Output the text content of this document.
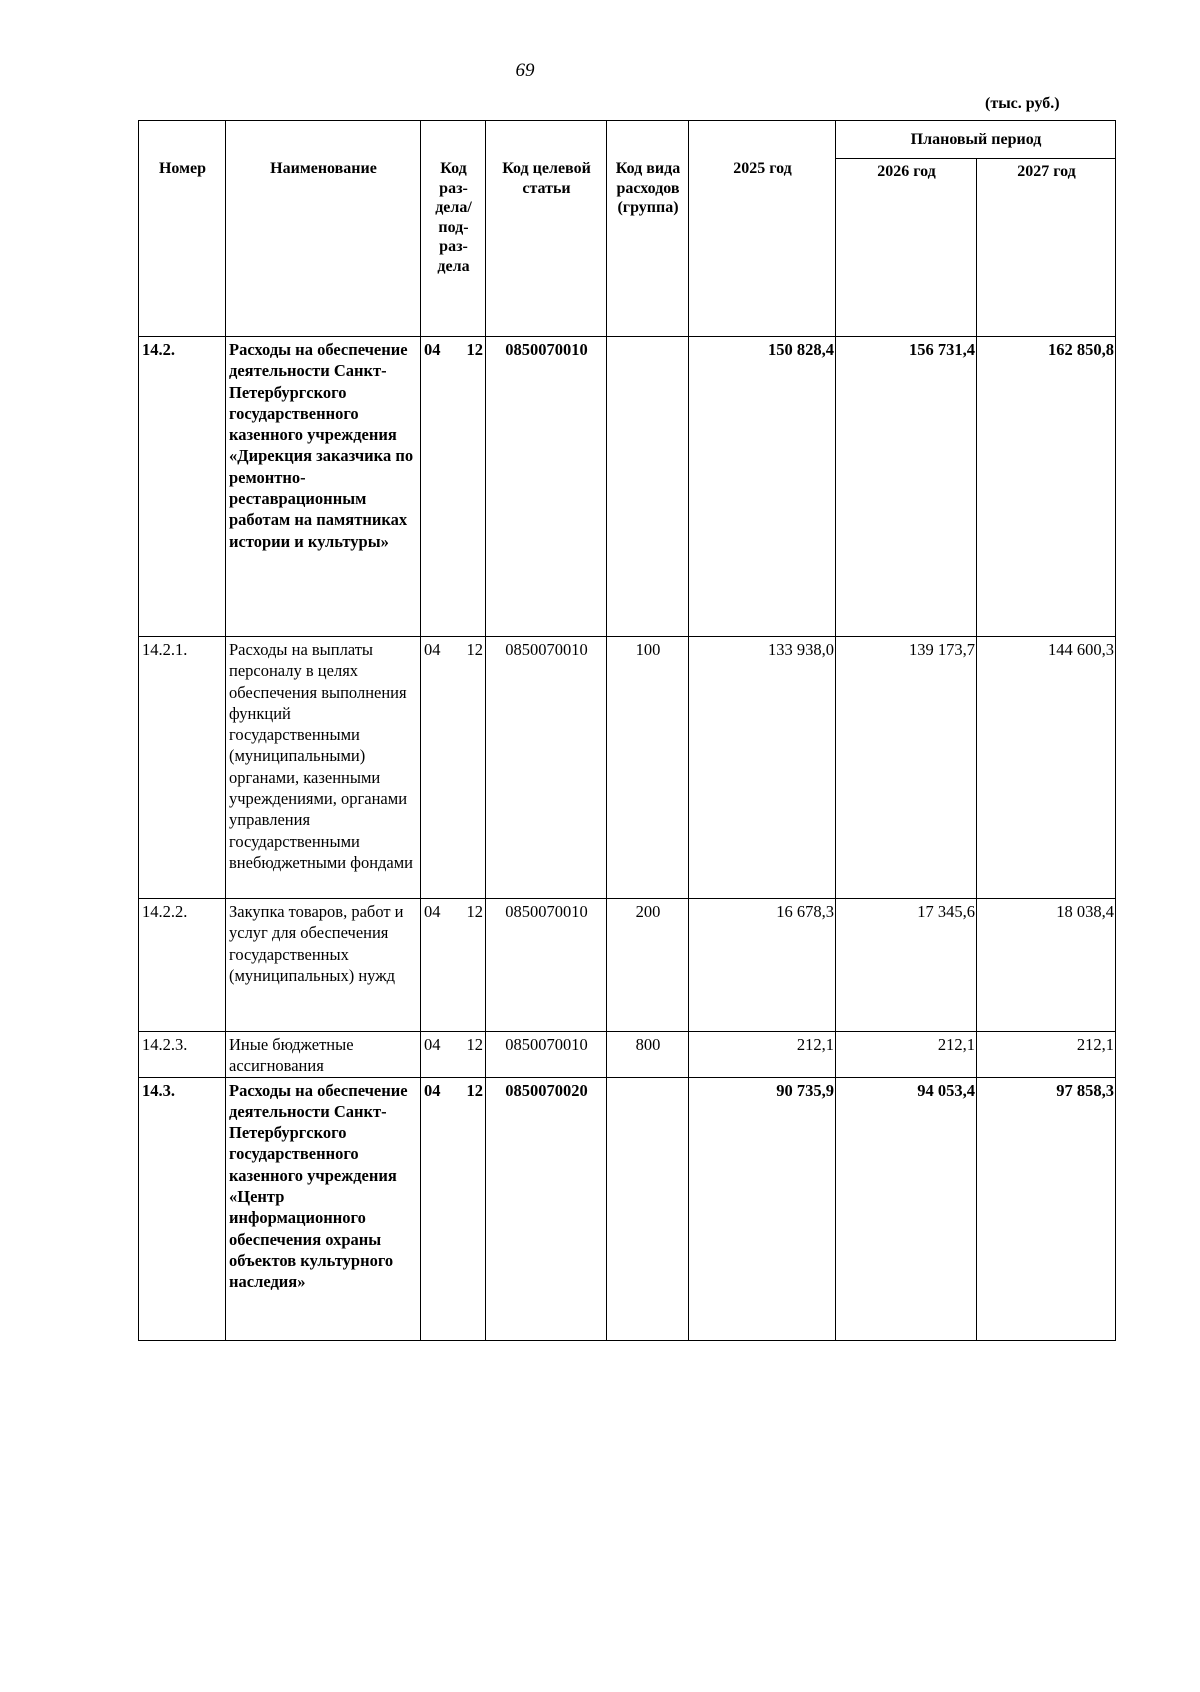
69
(тыс. руб.)
Номер	Наименование	Код раз- дела/ под- раз- дела	Код целевой статьи	Код вида расходов (группа)	2025 год	Плановый период	
						2026 год	2027 год
14.2.	Расходы на обеспечение деятельности Санкт-Петербургского государственного казенного учреждения «Дирекция заказчика по ремонтно-реставрационным работам на памятниках истории и культуры»	04 12	0850070010		150 828,4	156 731,4	162 850,8
14.2.1.	Расходы на выплаты персоналу в целях обеспечения выполнения функций государственными (муниципальными) органами, казенными учреждениями, органами управления государственными внебюджетными фондами	04 12	0850070010	100	133 938,0	139 173,7	144 600,3
14.2.2.	Закупка товаров, работ и услуг для обеспечения государственных (муниципальных) нужд	04 12	0850070010	200	16 678,3	17 345,6	18 038,4
14.2.3.	Иные бюджетные ассигнования	04 12	0850070010	800	212,1	212,1	212,1
14.3.	Расходы на обеспечение деятельности Санкт-Петербургского государственного казенного учреждения «Центр информационного обеспечения охраны объектов культурного наследия»	04 12	0850070020		90 735,9	94 053,4	97 858,3
